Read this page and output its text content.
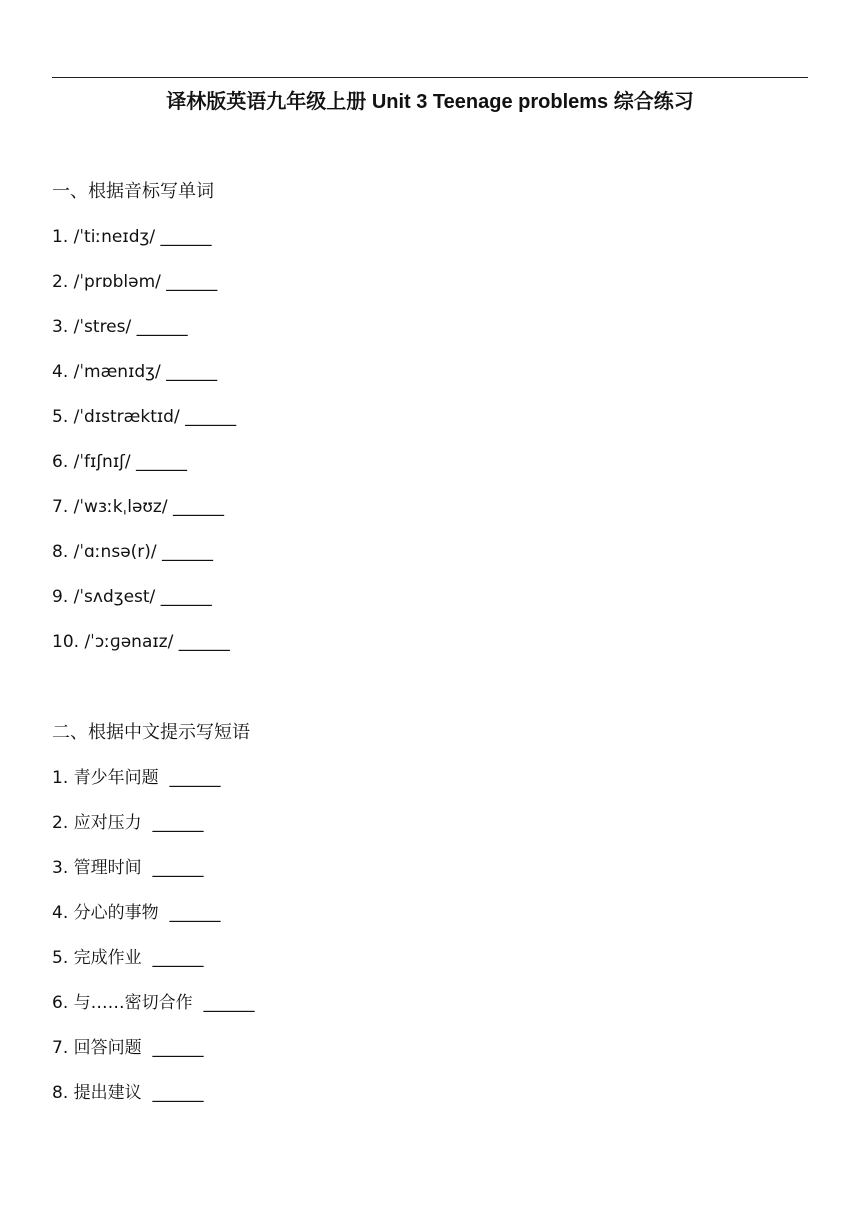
译林版英语九年级上册 Unit 3 Teenage problems 综合练习
一、根据音标写单词
1. /ˈtiːneɪdʒ/ ______
2. /ˈprɒbləm/ ______
3. /ˈstres/ ______
4. /ˈmænɪdʒ/ ______
5. /ˈdɪstræktɪd/ ______
6. /ˈfɪʃnɪʃ/ ______
7. /ˈwɜːkˌləʊz/ ______
8. /ˈɑːnsə(r)/ ______
9. /ˈsʌdʒest/ ______
10. /ˈɔːɡənaɪz/ ______
二、根据中文提示写短语
1. 青少年问题 ______
2. 应对压力 ______
3. 管理时间 ______
4. 分心的事物 ______
5. 完成作业 ______
6. 与……密切合作 ______
7. 回答问题 ______
8. 提出建议 ______
